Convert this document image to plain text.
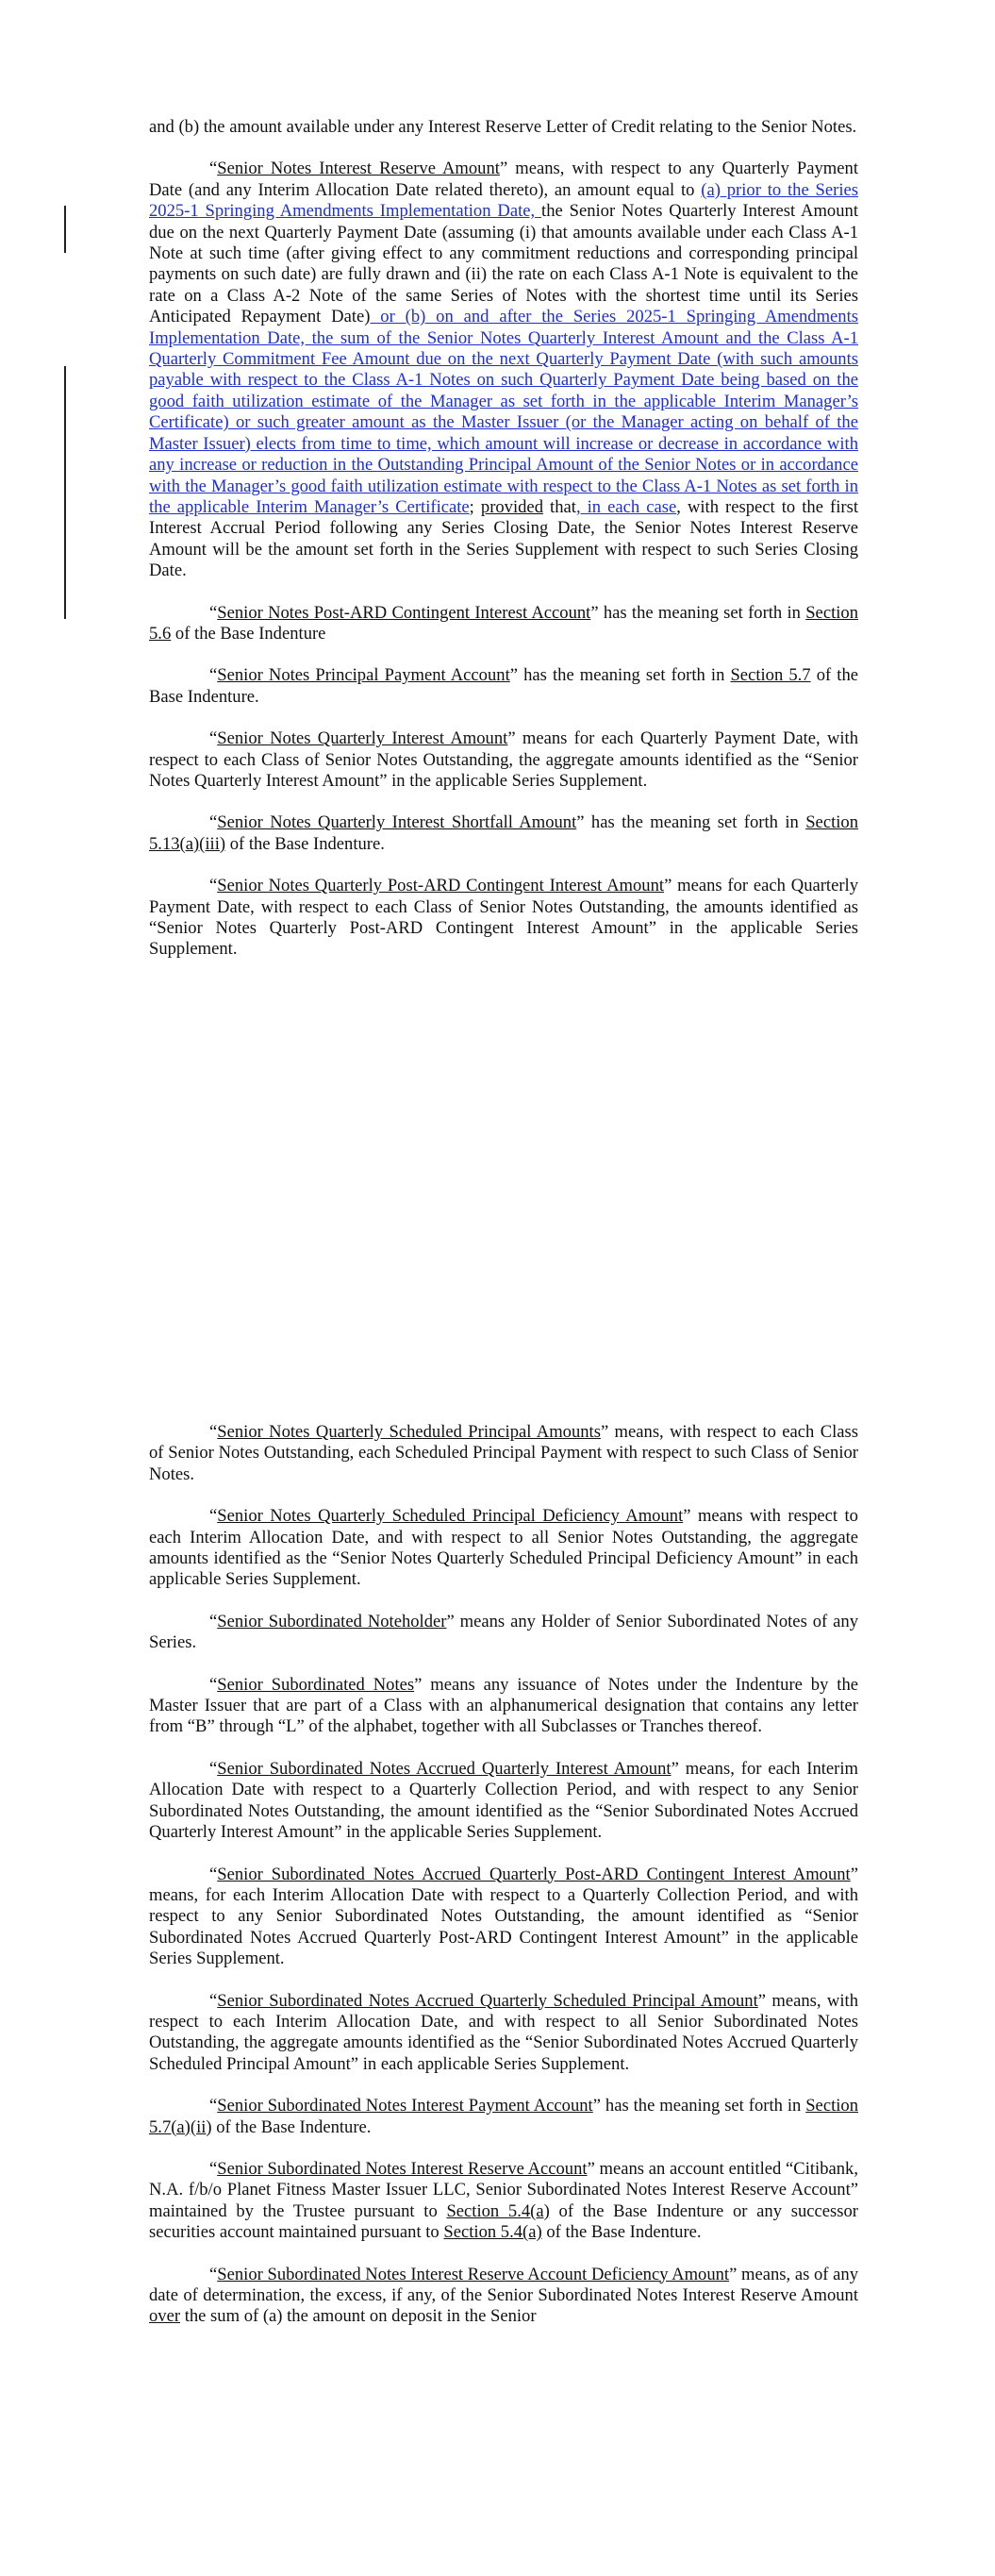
and (b) the amount available under any Interest Reserve Letter of Credit relating to the Senior Notes.

“Senior Notes Interest Reserve Amount” means, with respect to any Quarterly Payment Date (and any Interim Allocation Date related thereto), an amount equal to (a) prior to the Series 2025-1 Springing Amendments Implementation Date, the Senior Notes Quarterly Interest Amount due on the next Quarterly Payment Date (assuming (i) that amounts available under each Class A-1 Note at such time (after giving effect to any commitment reductions and corresponding principal payments on such date) are fully drawn and (ii) the rate on each Class A-1 Note is equivalent to the rate on a Class A-2 Note of the same Series of Notes with the shortest time until its Series Anticipated Repayment Date) or (b) on and after the Series 2025-1 Springing Amendments Implementation Date, the sum of the Senior Notes Quarterly Interest Amount and the Class A-1 Quarterly Commitment Fee Amount due on the next Quarterly Payment Date (with such amounts payable with respect to the Class A-1 Notes on such Quarterly Payment Date being based on the good faith utilization estimate of the Manager as set forth in the applicable Interim Manager’s Certificate) or such greater amount as the Master Issuer (or the Manager acting on behalf of the Master Issuer) elects from time to time, which amount will increase or decrease in accordance with any increase or reduction in the Outstanding Principal Amount of the Senior Notes or in accordance with the Manager’s good faith utilization estimate with respect to the Class A-1 Notes as set forth in the applicable Interim Manager’s Certificate; provided that, in each case, with respect to the first Interest Accrual Period following any Series Closing Date, the Senior Notes Interest Reserve Amount will be the amount set forth in the Series Supplement with respect to such Series Closing Date.

“Senior Notes Post-ARD Contingent Interest Account” has the meaning set forth in Section 5.6 of the Base Indenture

“Senior Notes Principal Payment Account” has the meaning set forth in Section 5.7 of the Base Indenture.

“Senior Notes Quarterly Interest Amount” means for each Quarterly Payment Date, with respect to each Class of Senior Notes Outstanding, the aggregate amounts identified as the “Senior Notes Quarterly Interest Amount” in the applicable Series Supplement.

“Senior Notes Quarterly Interest Shortfall Amount” has the meaning set forth in Section 5.13(a)(iii) of the Base Indenture.

“Senior Notes Quarterly Post-ARD Contingent Interest Amount” means for each Quarterly Payment Date, with respect to each Class of Senior Notes Outstanding, the amounts identified as “Senior Notes Quarterly Post-ARD Contingent Interest Amount” in the applicable Series Supplement.

“Senior Notes Quarterly Scheduled Principal Amounts” means, with respect to each Class of Senior Notes Outstanding, each Scheduled Principal Payment with respect to such Class of Senior Notes.

“Senior Notes Quarterly Scheduled Principal Deficiency Amount” means with respect to each Interim Allocation Date, and with respect to all Senior Notes Outstanding, the aggregate amounts identified as the “Senior Notes Quarterly Scheduled Principal Deficiency Amount” in each applicable Series Supplement.

“Senior Subordinated Noteholder” means any Holder of Senior Subordinated Notes of any Series.

“Senior Subordinated Notes” means any issuance of Notes under the Indenture by the Master Issuer that are part of a Class with an alphanumerical designation that contains any letter from “B” through “L” of the alphabet, together with all Subclasses or Tranches thereof.

“Senior Subordinated Notes Accrued Quarterly Interest Amount” means, for each Interim Allocation Date with respect to a Quarterly Collection Period, and with respect to any Senior Subordinated Notes Outstanding, the amount identified as the “Senior Subordinated Notes Accrued Quarterly Interest Amount” in the applicable Series Supplement.

“Senior Subordinated Notes Accrued Quarterly Post-ARD Contingent Interest Amount” means, for each Interim Allocation Date with respect to a Quarterly Collection Period, and with respect to any Senior Subordinated Notes Outstanding, the amount identified as “Senior Subordinated Notes Accrued Quarterly Post-ARD Contingent Interest Amount” in the applicable Series Supplement.

“Senior Subordinated Notes Accrued Quarterly Scheduled Principal Amount” means, with respect to each Interim Allocation Date, and with respect to all Senior Subordinated Notes Outstanding, the aggregate amounts identified as the “Senior Subordinated Notes Accrued Quarterly Scheduled Principal Amount” in each applicable Series Supplement.

“Senior Subordinated Notes Interest Payment Account” has the meaning set forth in Section 5.7(a)(ii) of the Base Indenture.

“Senior Subordinated Notes Interest Reserve Account” means an account entitled “Citibank, N.A. f/b/o Planet Fitness Master Issuer LLC, Senior Subordinated Notes Interest Reserve Account” maintained by the Trustee pursuant to Section 5.4(a) of the Base Indenture or any successor securities account maintained pursuant to Section 5.4(a) of the Base Indenture.

“Senior Subordinated Notes Interest Reserve Account Deficiency Amount” means, as of any date of determination, the excess, if any, of the Senior Subordinated Notes Interest Reserve Amount over the sum of (a) the amount on deposit in the Senior
